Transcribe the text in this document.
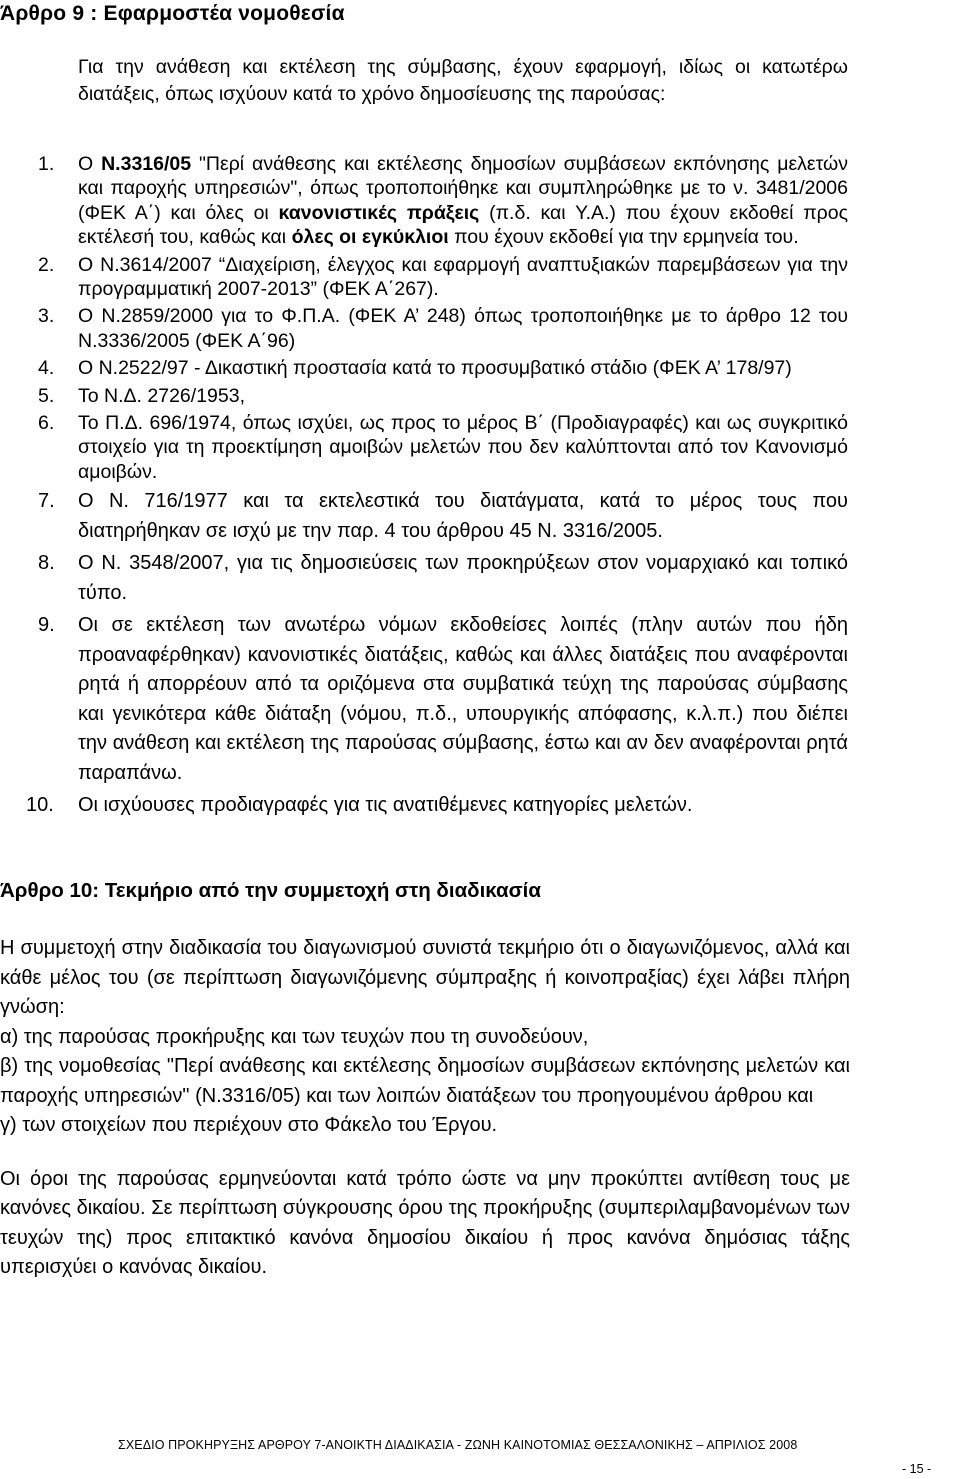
Άρθρο 9 : Εφαρμοστέα νομοθεσία
Για την ανάθεση και εκτέλεση της σύμβασης, έχουν εφαρμογή, ιδίως οι κατωτέρω διατάξεις, όπως ισχύουν κατά το χρόνο δημοσίευσης της παρούσας:
1.	Ο Ν.3316/05 "Περί ανάθεσης και εκτέλεσης δημοσίων συμβάσεων εκπόνησης μελετών και παροχής υπηρεσιών", όπως τροποποιήθηκε και συμπληρώθηκε με το ν. 3481/2006 (ΦΕΚ Α΄) και όλες οι κανονιστικές πράξεις (π.δ. και Υ.Α.) που έχουν εκδοθεί προς εκτέλεσή του, καθώς και όλες οι εγκύκλιοι που έχουν εκδοθεί για την ερμηνεία του.
2.	Ο Ν.3614/2007 “Διαχείριση, έλεγχος και εφαρμογή αναπτυξιακών παρεμβάσεων για την προγραμματική 2007-2013” (ΦΕΚ Α΄267).
3.	Ο Ν.2859/2000 για το Φ.Π.Α. (ΦΕΚ Α’ 248) όπως τροποποιήθηκε με το άρθρο 12 του Ν.3336/2005 (ΦΕΚ Α΄96)
4.	Ο Ν.2522/97 - Δικαστική προστασία κατά το προσυμβατικό στάδιο (ΦΕΚ Α’ 178/97)
5.	Το Ν.Δ. 2726/1953,
6.	Το Π.Δ. 696/1974, όπως ισχύει, ως προς το μέρος Β΄ (Προδιαγραφές) και ως συγκριτικό στοιχείο για τη προεκτίμηση αμοιβών μελετών που δεν καλύπτονται από τον Κανονισμό αμοιβών.
7.	Ο Ν. 716/1977 και τα εκτελεστικά του διατάγματα, κατά το μέρος τους που διατηρήθηκαν σε ισχύ με την παρ. 4 του άρθρου 45 Ν. 3316/2005.
8.	Ο Ν. 3548/2007, για τις δημοσιεύσεις των προκηρύξεων στον νομαρχιακό και τοπικό τύπο.
9.	Οι σε εκτέλεση των ανωτέρω νόμων εκδοθείσες λοιπές (πλην αυτών που ήδη προαναφέρθηκαν) κανονιστικές διατάξεις, καθώς και άλλες διατάξεις που αναφέρονται ρητά ή απορρέουν από τα οριζόμενα στα συμβατικά τεύχη της παρούσας σύμβασης και γενικότερα κάθε διάταξη (νόμου, π.δ., υπουργικής απόφασης, κ.λ.π.) που διέπει την ανάθεση και εκτέλεση της παρούσας σύμβασης, έστω και αν δεν αναφέρονται ρητά παραπάνω.
10.	Οι ισχύουσες προδιαγραφές για τις ανατιθέμενες κατηγορίες μελετών.
Άρθρο 10: Τεκμήριο από την συμμετοχή στη διαδικασία

Η συμμετοχή στην διαδικασία του διαγωνισμού συνιστά τεκμήριο ότι ο διαγωνιζόμενος, αλλά και κάθε μέλος του (σε περίπτωση διαγωνιζόμενης σύμπραξης ή κοινοπραξίας) έχει λάβει πλήρη γνώση:

α) της παρούσας προκήρυξης και των τευχών που τη συνοδεύουν,

β) της νομοθεσίας "Περί ανάθεσης και εκτέλεσης δημοσίων συμβάσεων εκπόνησης μελετών και παροχής υπηρεσιών" (Ν.3316/05) και των λοιπών διατάξεων του προηγουμένου άρθρου και

γ) των στοιχείων που περιέχουν στο Φάκελο του Έργου.

Οι όροι της παρούσας ερμηνεύονται κατά τρόπο ώστε να μην προκύπτει αντίθεση τους με κανόνες δικαίου. Σε περίπτωση σύγκρουσης όρου της προκήρυξης (συμπεριλαμβανομένων των τευχών της) προς επιτακτικό κανόνα δημοσίου δικαίου ή προς κανόνα δημόσιας τάξης υπερισχύει ο κανόνας δικαίου.

ΣΧΕΔΙΟ ΠΡΟΚΗΡΥΞΗΣ ΑΡΘΡΟΥ 7-ΑΝΟΙΚΤΗ ΔΙΑΔΙΚΑΣΙΑ - ΖΩΝΗ ΚΑΙΝΟΤΟΜΙΑΣ ΘΕΣΣΑΛΟΝΙΚΗΣ – ΑΠΡΙΛΙΟΣ 2008
- 15 -
